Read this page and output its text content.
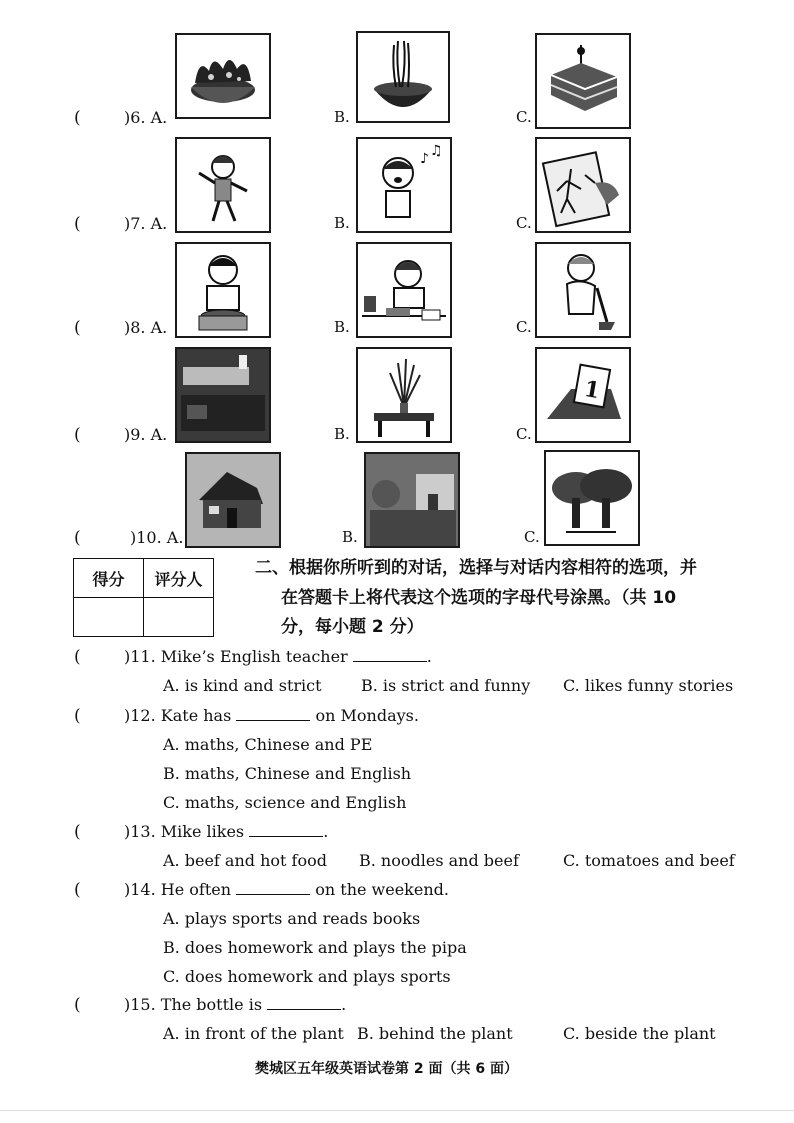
(	)6. A.	B.	C.
(	)7. A.	B.
♪ ♫
C.
(	)8. A.	B.	C.
(	)9. A.	B.	C.
1
(	)10. A.	B.	C.
得分	评分人

二、根据你所听到的对话，选择与对话内容相符的选项，并
在答题卡上将代表这个选项的字母代号涂黑。（共 10
分，每小题 2 分）
(	)11. Mike’s English teacher	.
A. is kind and strict B. is strict and funny C. likes funny stories
(	)12. Kate has	on Mondays.
A. maths, Chinese and PE
B. maths, Chinese and English
C. maths, science and English
(	)13. Mike likes	.
A. beef and hot food B. noodles and beef	C. tomatoes and beef
(	)14. He often	on the weekend.
A. plays sports and reads books
B. does homework and plays the pipa
C. does homework and plays sports
(	)15. The bottle is	.
A. in front of the plant B. behind the plant	C. beside the plant
樊城区五年级英语试卷第 2 面（共 6 面）
